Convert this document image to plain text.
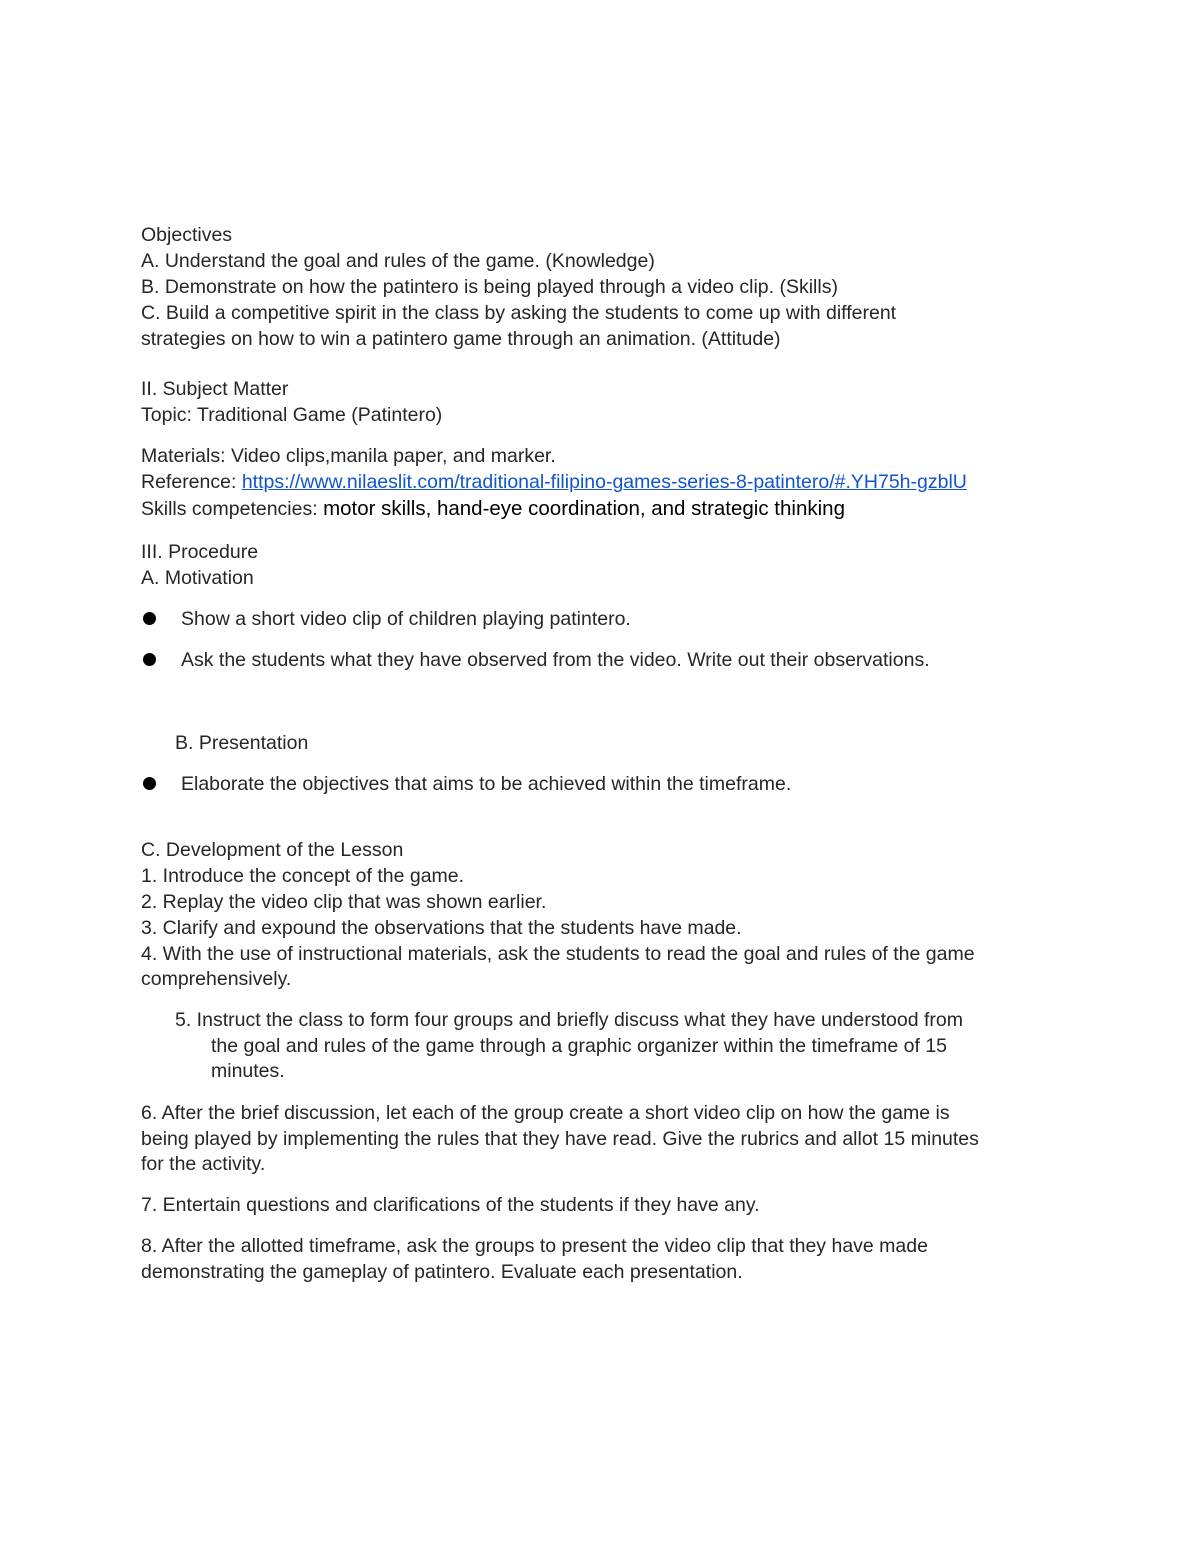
Objectives
A. Understand the goal and rules of the game. (Knowledge)
B. Demonstrate on how the patintero is being played through a video clip. (Skills)
C. Build a competitive spirit in the class by asking the students to come up with different
strategies on how to win a patintero game through an animation. (Attitude)
II. Subject Matter
Topic: Traditional Game (Patintero)
Materials: Video clips,manila paper, and marker.
Reference: https://www.nilaeslit.com/traditional-filipino-games-series-8-patintero/#.YH75h-gzblU
Skills competencies: motor skills, hand-eye coordination, and strategic thinking
III. Procedure
A. Motivation
Show a short video clip of children playing patintero.
Ask the students what they have observed from the video. Write out their observations.
B. Presentation
Elaborate the objectives that aims to be achieved within the timeframe.
C. Development of the Lesson
1. Introduce the concept of the game.
2. Replay the video clip that was shown earlier.
3. Clarify and expound the observations that the students have made.
4. With the use of instructional materials, ask the students to read the goal and rules of the game
comprehensively.
5. Instruct the class to form four groups and briefly discuss what they have understood from
the goal and rules of the game through a graphic organizer within the timeframe of 15
minutes.
6. After the brief discussion, let each of the group create a short video clip on how the game is
being played by implementing the rules that they have read. Give the rubrics and allot 15 minutes
for the activity.
7. Entertain questions and clarifications of the students if they have any.
8. After the allotted timeframe, ask the groups to present the video clip that they have made
demonstrating the gameplay of patintero. Evaluate each presentation.
